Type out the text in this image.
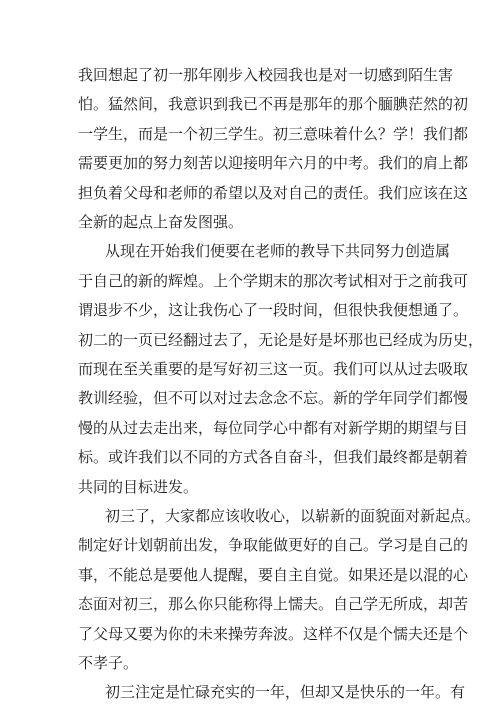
我回想起了初一那年刚步入校园我也是对一切感到陌生害
怕。猛然间，我意识到我已不再是那年的那个腼腆茫然的初
一学生，而是一个初三学生。初三意味着什么？学！我们都
需要更加的努力刻苦以迎接明年六月的中考。我们的肩上都
担负着父母和老师的希望以及对自己的责任。我们应该在这
全新的起点上奋发图强。
从现在开始我们便要在老师的教导下共同努力创造属
于自己的新的辉煌。上个学期末的那次考试相对于之前我可
谓退步不少，这让我伤心了一段时间，但很快我便想通了。
初二的一页已经翻过去了，无论是好是坏那也已经成为历史，
而现在至关重要的是写好初三这一页。我们可以从过去吸取
教训经验，但不可以对过去念念不忘。新的学年同学们都慢
慢的从过去走出来，每位同学心中都有对新学期的期望与目
标。或许我们以不同的方式各自奋斗，但我们最终都是朝着
共同的目标进发。
初三了，大家都应该收收心，以崭新的面貌面对新起点。
制定好计划朝前出发，争取能做更好的自己。学习是自己的
事，不能总是要他人提醒，要自主自觉。如果还是以混的心
态面对初三，那么你只能称得上懦夫。自己学无所成，却苦
了父母又要为你的未来操劳奔波。这样不仅是个懦夫还是个
不孝子。
初三注定是忙碌充实的一年，但却又是快乐的一年。有
